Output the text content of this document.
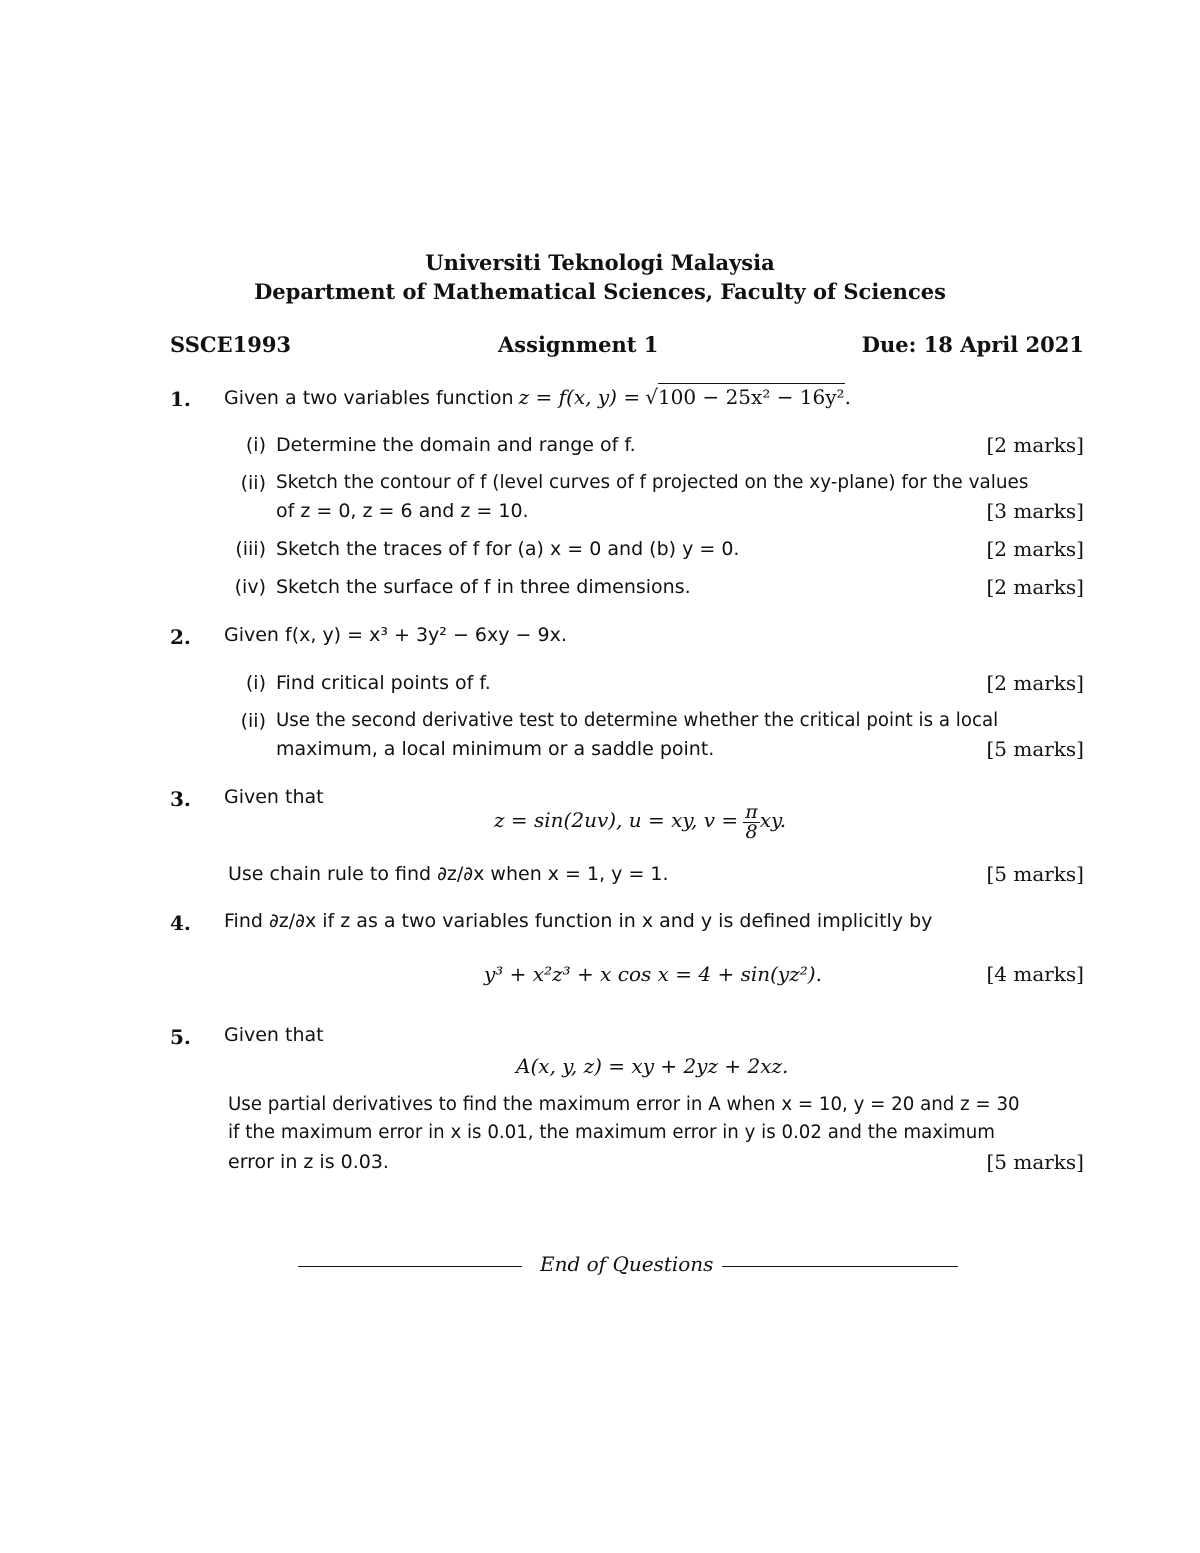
Universiti Teknologi Malaysia
Department of Mathematical Sciences, Faculty of Sciences
SSCE1993	Assignment 1	Due: 18 April 2021
1. Given a two variables function z = f(x, y) = √100 − 25x² − 16y².
(i) Determine the domain and range of f.	[2 marks]
(ii) Sketch the contour of f (level curves of f projected on the xy-plane) for the values
of z = 0, z = 6 and z = 10.	[3 marks]
(iii) Sketch the traces of f for (a) x = 0 and (b) y = 0.	[2 marks]
(iv) Sketch the surface of f in three dimensions.	[2 marks]
2. Given f(x, y) = x³ + 3y² − 6xy − 9x.
(i) Find critical points of f.	[2 marks]
(ii) Use the second derivative test to determine whether the critical point is a local
maximum, a local minimum or a saddle point.	[5 marks]
3. Given that
z = sin(2uv), u = xy, $v = \frac{\pi}{8}$ xy.
Use chain rule to find ∂z/∂x when x = 1, y = 1.	[5 marks]
4. Find ∂z/∂x if z as a two variables function in x and y is defined implicitly by
y³ + x²z³ + x cos x = 4 + sin(yz²).	[4 marks]
5. Given that
A(x, y, z) = xy + 2yz + 2xz.
Use partial derivatives to find the maximum error in A when x = 10, y = 20 and z = 30
if the maximum error in x is 0.01, the maximum error in y is 0.02 and the maximum
error in z is 0.03.	[5 marks]
End of Questions
